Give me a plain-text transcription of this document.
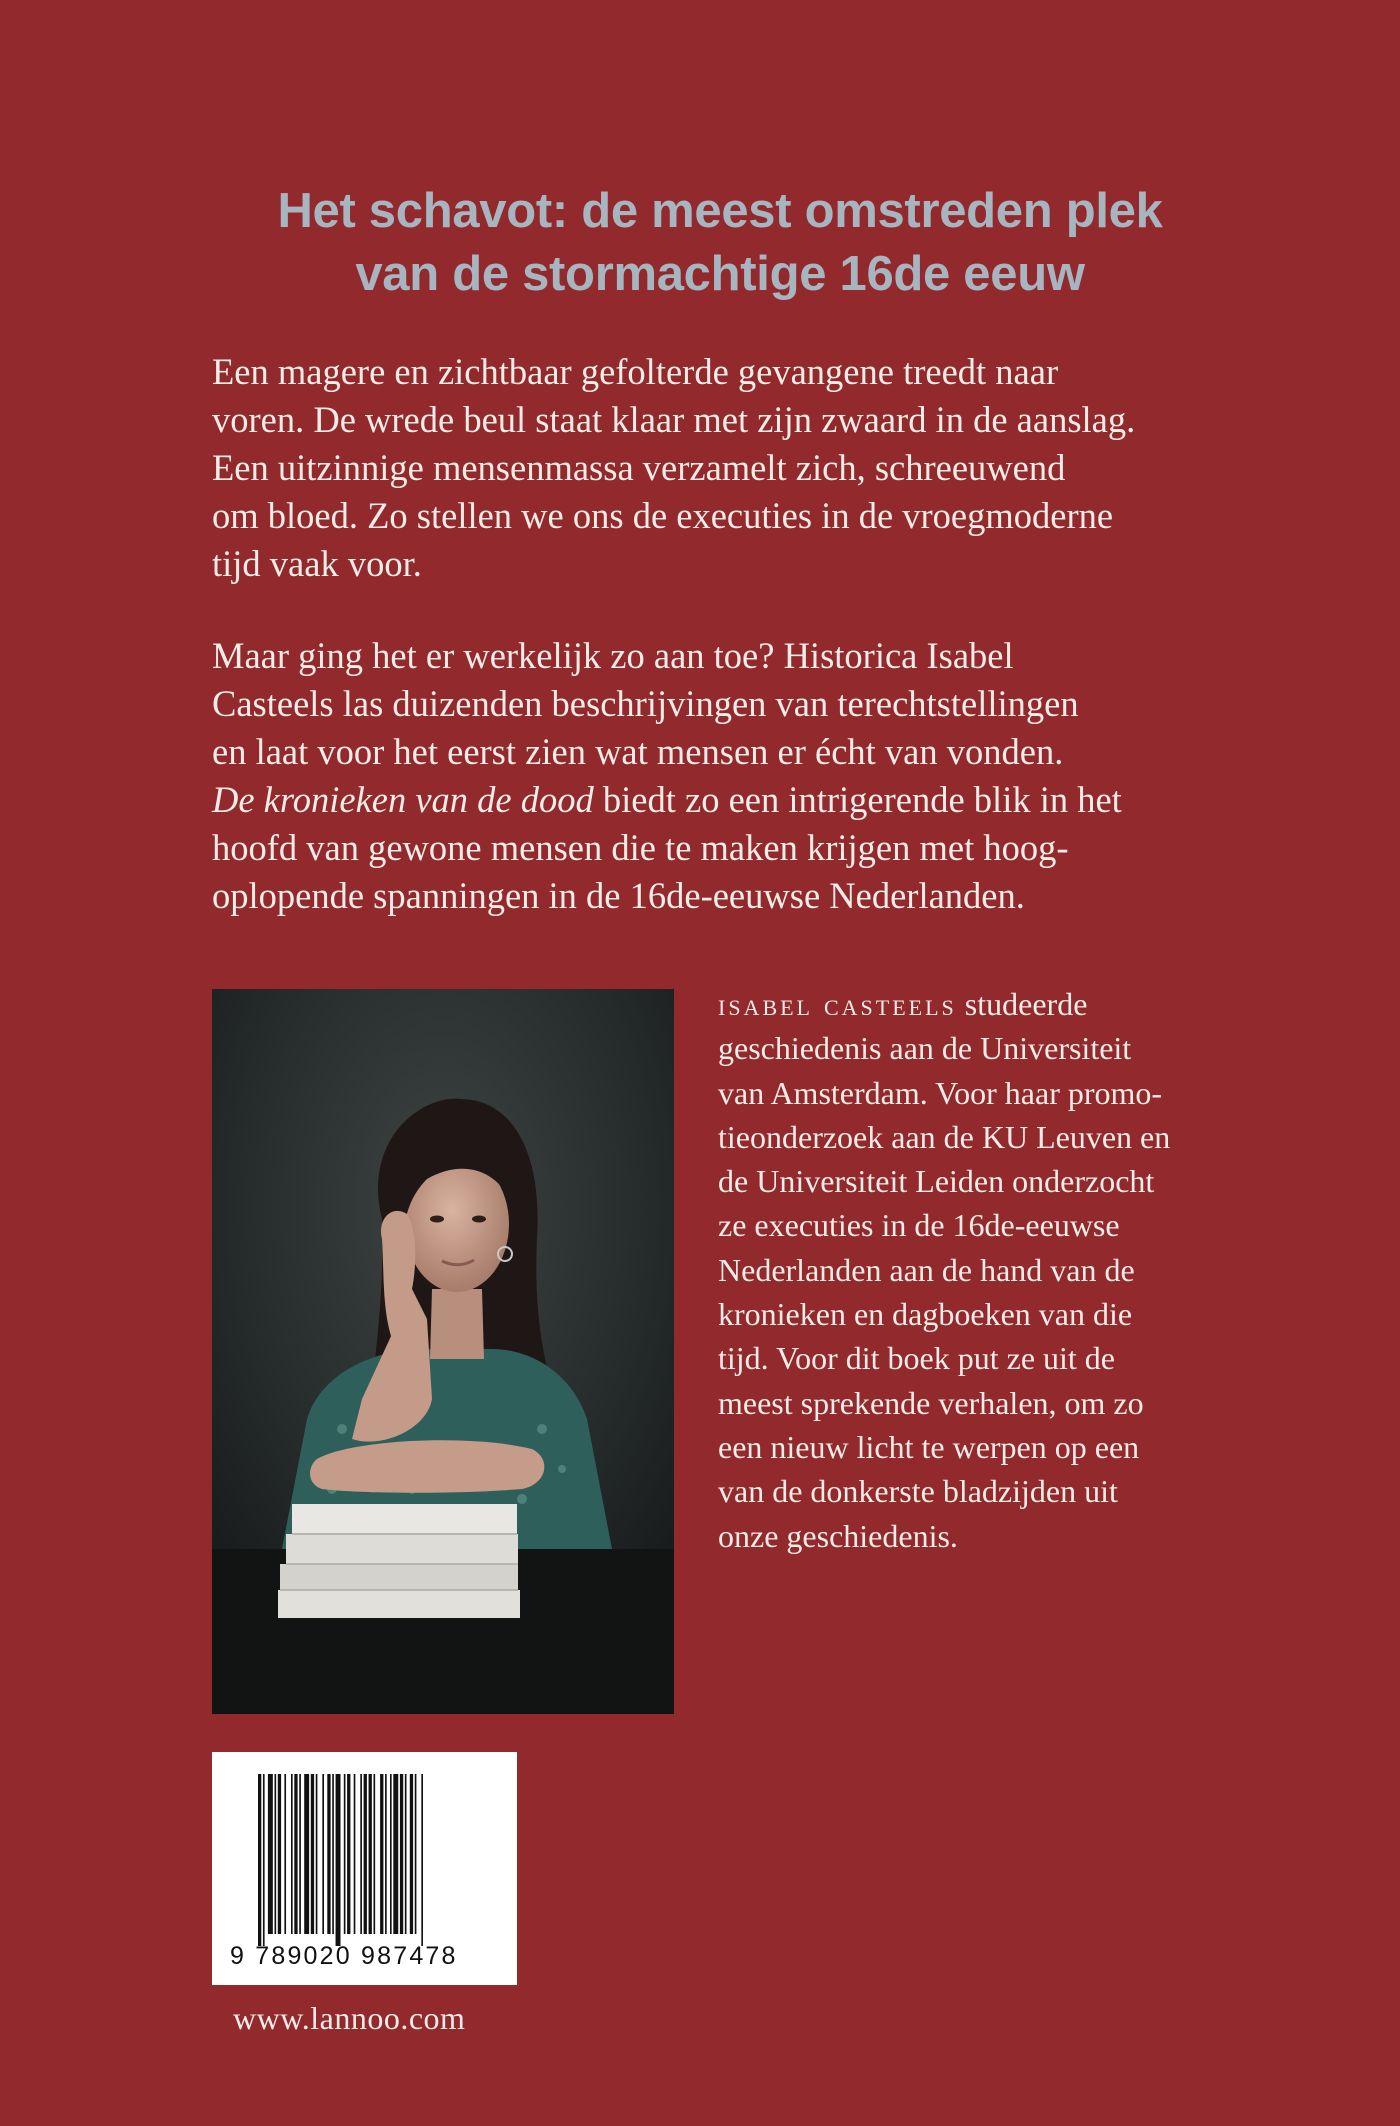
Het schavot: de meest omstreden plek
van de stormachtige 16de eeuw

Een magere en zichtbaar gefolterde gevangene treedt naar
voren. De wrede beul staat klaar met zijn zwaard in de aanslag.
Een uitzinnige mensenmassa verzamelt zich, schreeuwend
om bloed. Zo stellen we ons de executies in de vroegmoderne
tijd vaak voor.

Maar ging het er werkelijk zo aan toe? Historica Isabel
Casteels las duizenden beschrijvingen van terechtstellingen
en laat voor het eerst zien wat mensen er écht van vonden.
De kronieken van de dood biedt zo een intrigerende blik in het
hoofd van gewone mensen die te maken krijgen met hoog-
oplopende spanningen in de 16de-eeuwse Nederlanden.

isabel casteels studeerde
geschiedenis aan de Universiteit
van Amsterdam. Voor haar promo-
tieonderzoek aan de KU Leuven en
de Universiteit Leiden onderzocht
ze executies in de 16de-eeuwse
Nederlanden aan de hand van de
kronieken en dagboeken van die
tijd. Voor dit boek put ze uit de
meest sprekende verhalen, om zo
een nieuw licht te werpen op een
van de donkerste bladzijden uit
onze geschiedenis.

9 789020 987478
www.lannoo.com
